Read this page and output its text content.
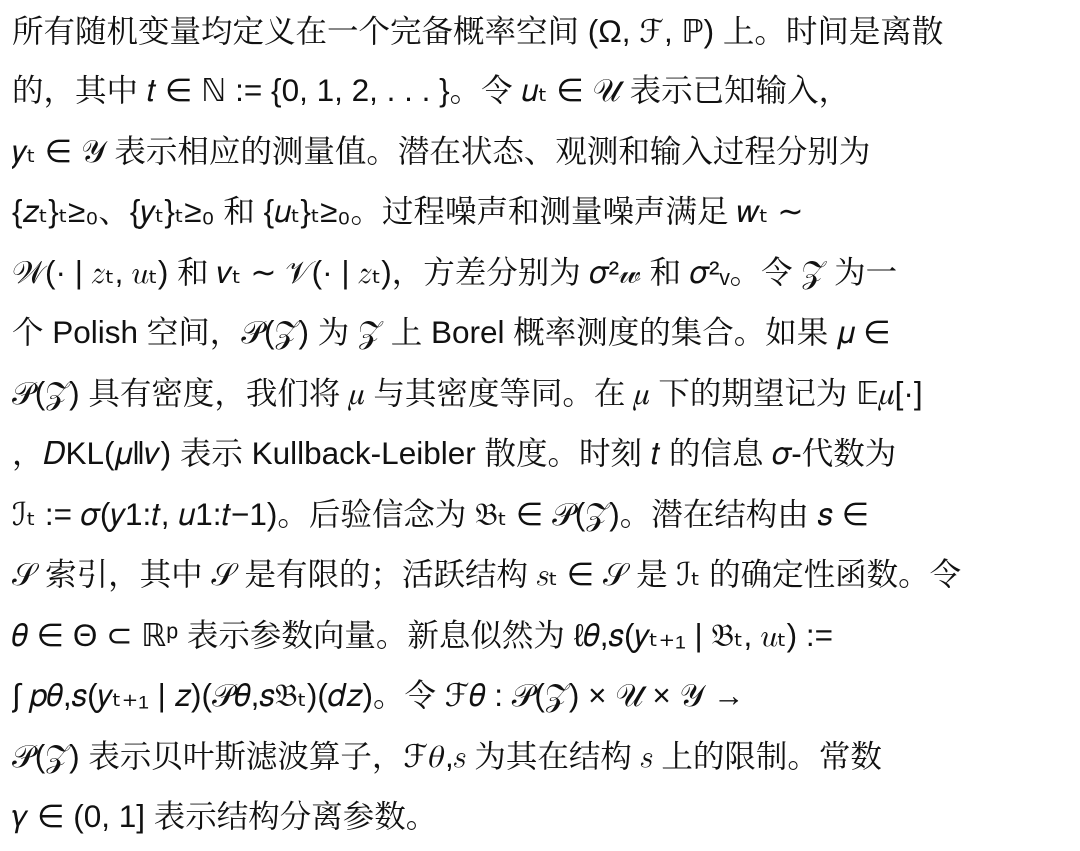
所有随机变量均定义在一个完备概率空间 (Ω, ℱ, ℙ) 上。时间是离散
的，其中 𝑡 ∈ ℕ := {0, 1, 2, . . . }。令 𝑢ₜ ∈ 𝒰 表示已知输入，
𝑦ₜ ∈ 𝒴 表示相应的测量值。潜在状态、观测和输入过程分别为
{𝑧ₜ}ₜ≥₀、{𝑦ₜ}ₜ≥₀ 和 {𝑢ₜ}ₜ≥₀。过程噪声和测量噪声满足 𝑤ₜ ∼
𝒲(· | 𝑧ₜ, 𝑢ₜ) 和 𝑣ₜ ∼ 𝒱(· | 𝑧ₜ)，方差分别为 𝜎²𝓌 和 𝜎²ᵥ。令 𝒵 为一
个 Polish 空间，𝒫(𝒵) 为 𝒵 上 Borel 概率测度的集合。如果 𝜇 ∈
𝒫(𝒵) 具有密度，我们将 𝜇 与其密度等同。在 𝜇 下的期望记为 𝔼𝜇[·]
，𝐷KL(𝜇‖𝜈) 表示 Kullback-Leibler 散度。时刻 𝑡 的信息 𝜎-代数为
ℐₜ := 𝜎(𝑦1:𝑡, 𝑢1:𝑡−1)。后验信念为 𝔅ₜ ∈ 𝒫(𝒵)。潜在结构由 𝑠 ∈
𝒮 索引，其中 𝒮 是有限的；活跃结构 𝑠ₜ ∈ 𝒮 是 ℐₜ 的确定性函数。令
𝜃 ∈ Θ ⊂ ℝᵖ 表示参数向量。新息似然为 ℓ𝜃,𝑠(𝑦ₜ₊₁ | 𝔅ₜ, 𝑢ₜ) :=
∫ 𝑝𝜃,𝑠(𝑦ₜ₊₁ | 𝑧)(𝒫𝜃,𝑠𝔅ₜ)(𝑑𝑧)。令 ℱ𝜃 : 𝒫(𝒵) × 𝒰 × 𝒴 →
𝒫(𝒵) 表示贝叶斯滤波算子，ℱ𝜃,𝑠 为其在结构 𝑠 上的限制。常数
𝛾 ∈ (0, 1] 表示结构分离参数。
